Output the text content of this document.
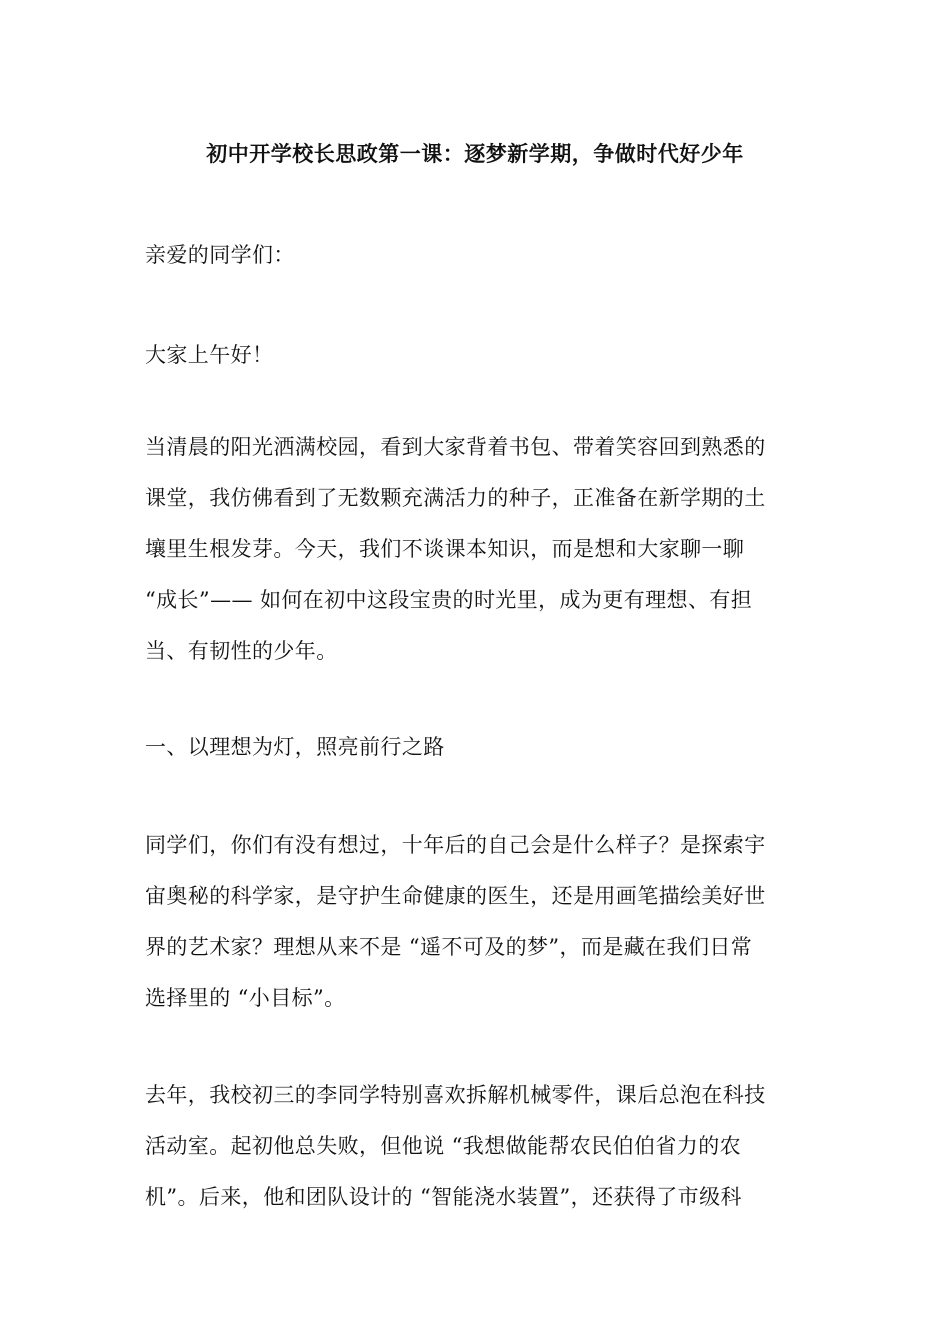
初中开学校长思政第一课：逐梦新学期，争做时代好少年
亲爱的同学们：
大家上午好！
当清晨的阳光洒满校园，看到大家背着书包、带着笑容回到熟悉的
课堂，我仿佛看到了无数颗充满活力的种子，正准备在新学期的土
壤里生根发芽。今天，我们不谈课本知识，而是想和大家聊一聊
“成长”—— 如何在初中这段宝贵的时光里，成为更有理想、有担
当、有韧性的少年。
一、以理想为灯，照亮前行之路
同学们，你们有没有想过，十年后的自己会是什么样子？是探索宇
宙奥秘的科学家，是守护生命健康的医生，还是用画笔描绘美好世
界的艺术家？理想从来不是 “遥不可及的梦”，而是藏在我们日常
选择里的 “小目标”。
去年，我校初三的李同学特别喜欢拆解机械零件，课后总泡在科技
活动室。起初他总失败，但他说 “我想做能帮农民伯伯省力的农
机”。后来，他和团队设计的 “智能浇水装置”，还获得了市级科
